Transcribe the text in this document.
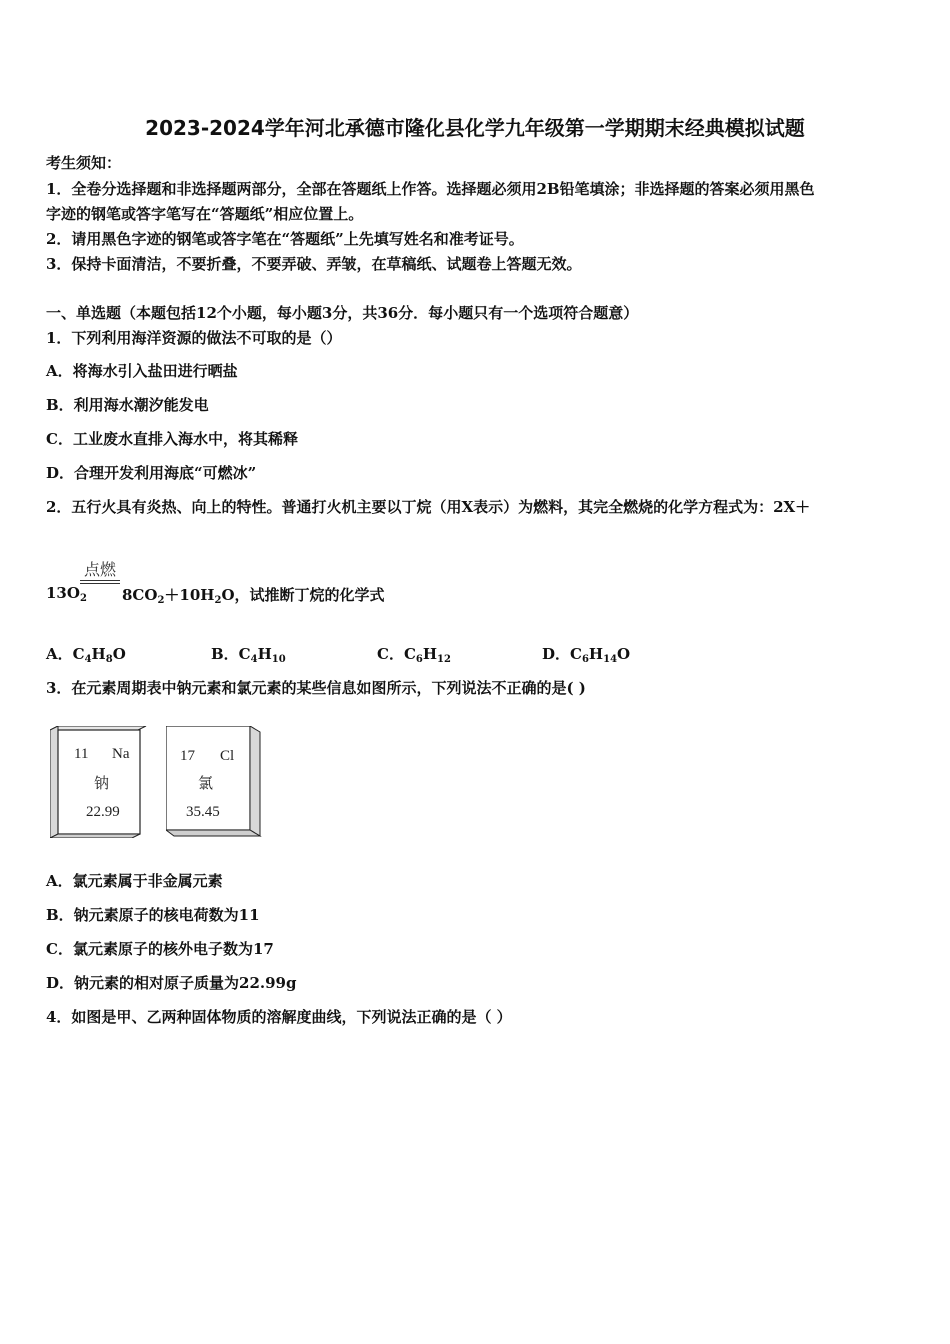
2023-2024学年河北承德市隆化县化学九年级第一学期期末经典模拟试题
考生须知：
1．全卷分选择题和非选择题两部分，全部在答题纸上作答。选择题必须用2B铅笔填涂；非选择题的答案必须用黑色
字迹的钢笔或答字笔写在“答题纸”相应位置上。
2．请用黑色字迹的钢笔或答字笔在“答题纸”上先填写姓名和准考证号。
3．保持卡面清洁，不要折叠，不要弄破、弄皱，在草稿纸、试题卷上答题无效。
一、单选题（本题包括12个小题，每小题3分，共36分．每小题只有一个选项符合题意）
1．下列利用海洋资源的做法不可取的是（）
A．将海水引入盐田进行晒盐
B．利用海水潮汐能发电
C．工业废水直排入海水中，将其稀释
D．合理开发利用海底“可燃冰”
2．五行火具有炎热、向上的特性。普通打火机主要以丁烷（用X表示）为燃料，其完全燃烧的化学方程式为：2X＋
点燃
$13O_2$ $8CO_2+10H_2O$，试推断丁烷的化学式
A．$C_4H_8O$	B．$C_4H_{10}$	C．$C_6H_{12}$	D．$C_6H_{14}O$
3．在元素周期表中钠元素和氯元素的某些信息如图所示，下列说法不正确的是( )
11 Na
钠
22.99
17 Cl
氯
35.45
A．氯元素属于非金属元素
B．钠元素原子的核电荷数为11
C．氯元素原子的核外电子数为17
D．钠元素的相对原子质量为22.99g
4．如图是甲、乙两种固体物质的溶解度曲线，下列说法正确的是（ ）
